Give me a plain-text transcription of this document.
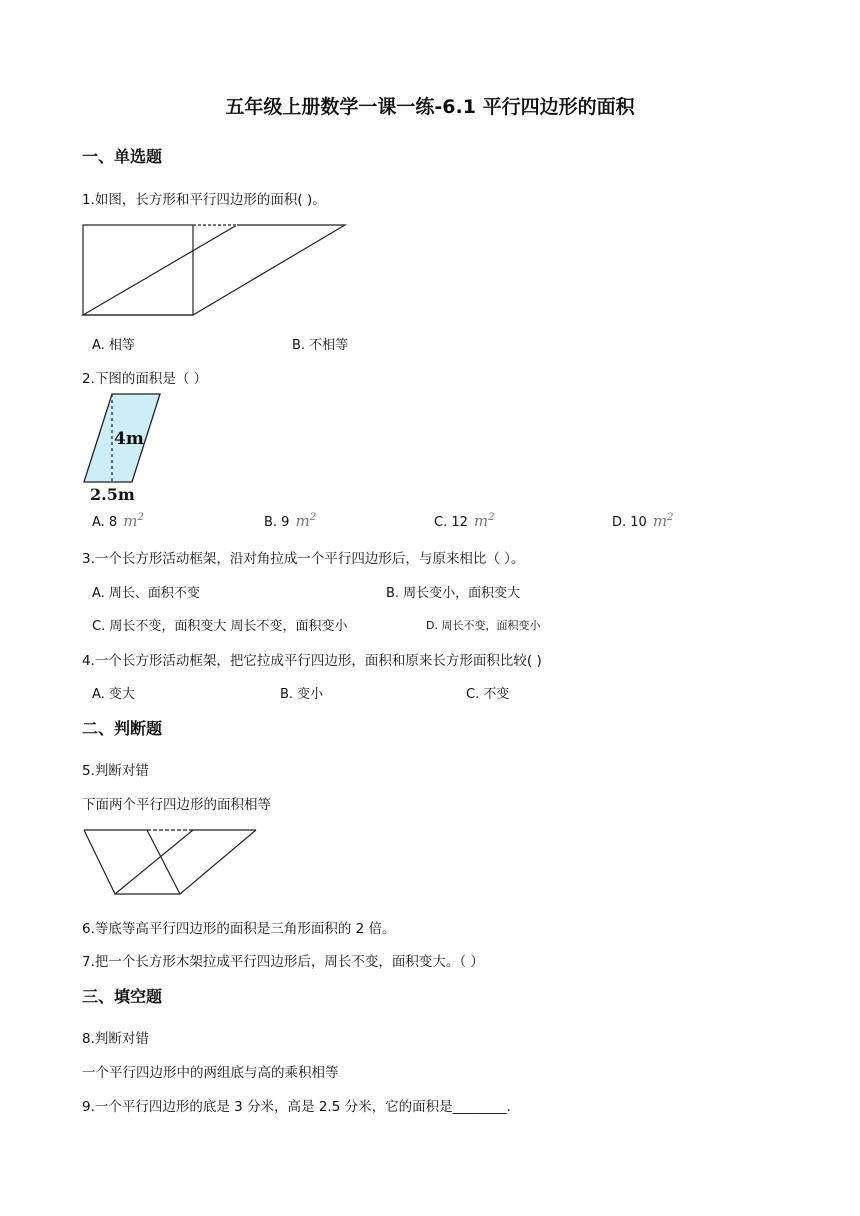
五年级上册数学一课一练-6.1 平行四边形的面积
一、单选题
1.如图，长方形和平行四边形的面积( )。
A. 相等	B. 不相等
2.下图的面积是（ ）
4m
2.5m
A. 8 $m^2$	B. 9 $m^2$	C. 12 $m^2$	D. 10 $m^2$
3.一个长方形活动框架，沿对角拉成一个平行四边形后，与原来相比（ ）。
A. 周长、面积不变	B. 周长变小，面积变大
C. 周长不变，面积变大 周长不变，面积变小	D. 周长不变，面积变小
4.一个长方形活动框架，把它拉成平行四边形，面积和原来长方形面积比较( )
A. 变大	B. 变小	C. 不变
二、判断题
5.判断对错
下面两个平行四边形的面积相等
6.等底等高平行四边形的面积是三角形面积的 2 倍。
7.把一个长方形木架拉成平行四边形后，周长不变，面积变大。（ ）
三、填空题
8.判断对错
一个平行四边形中的两组底与高的乘积相等
9.一个平行四边形的底是 3 分米，高是 2.5 分米，它的面积是________.
